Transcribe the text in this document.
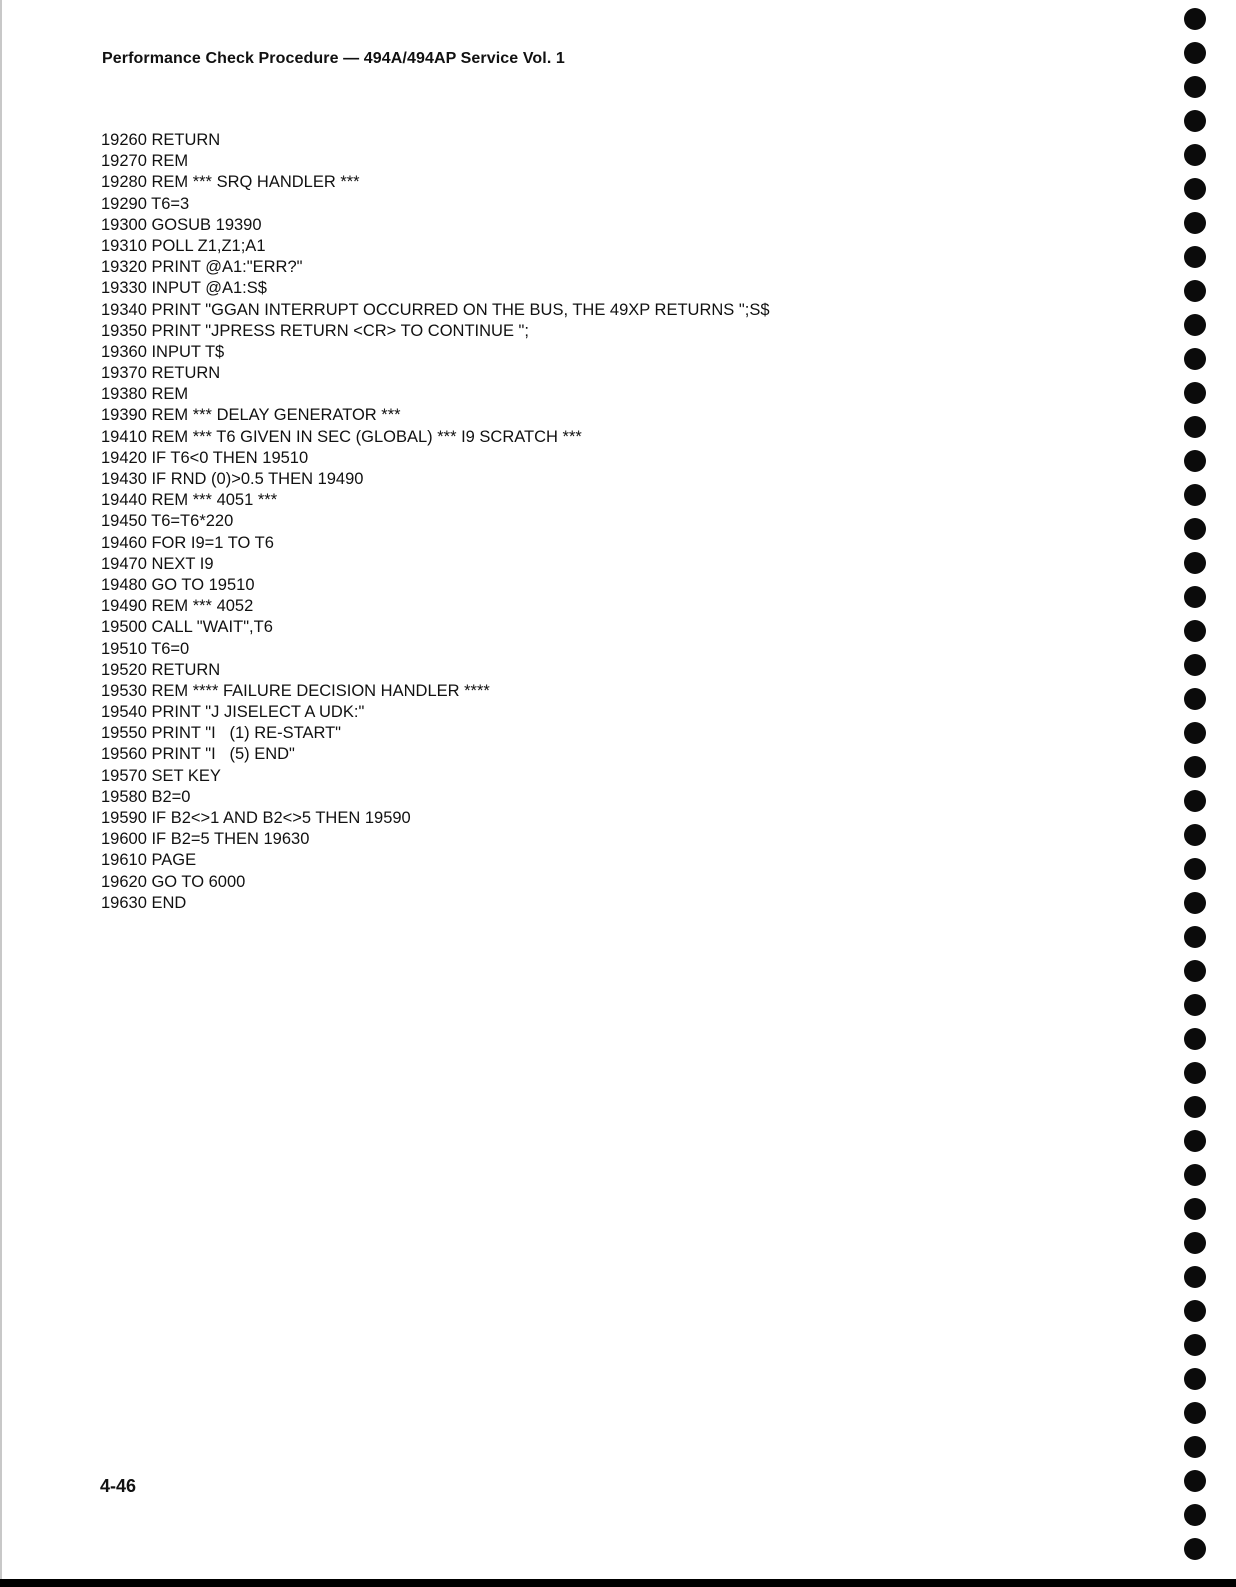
Performance Check Procedure — 494A/494AP Service Vol. 1
19260 RETURN
19270 REM
19280 REM *** SRQ HANDLER ***
19290 T6=3
19300 GOSUB 19390
19310 POLL Z1,Z1;A1
19320 PRINT @A1:"ERR?"
19330 INPUT @A1:S$
19340 PRINT "GGAN INTERRUPT OCCURRED ON THE BUS, THE 49XP RETURNS ";S$
19350 PRINT "JPRESS RETURN <CR> TO CONTINUE ";
19360 INPUT T$
19370 RETURN
19380 REM
19390 REM *** DELAY GENERATOR ***
19410 REM *** T6 GIVEN IN SEC (GLOBAL) *** I9 SCRATCH ***
19420 IF T6<0 THEN 19510
19430 IF RND (0)>0.5 THEN 19490
19440 REM *** 4051 ***
19450 T6=T6*220
19460 FOR I9=1 TO T6
19470 NEXT I9
19480 GO TO 19510
19490 REM *** 4052
19500 CALL "WAIT",T6
19510 T6=0
19520 RETURN
19530 REM **** FAILURE DECISION HANDLER ****
19540 PRINT "J JISELECT A UDK:"
19550 PRINT "I   (1) RE-START"
19560 PRINT "I   (5) END"
19570 SET KEY
19580 B2=0
19590 IF B2<>1 AND B2<>5 THEN 19590
19600 IF B2=5 THEN 19630
19610 PAGE
19620 GO TO 6000
19630 END
4-46
